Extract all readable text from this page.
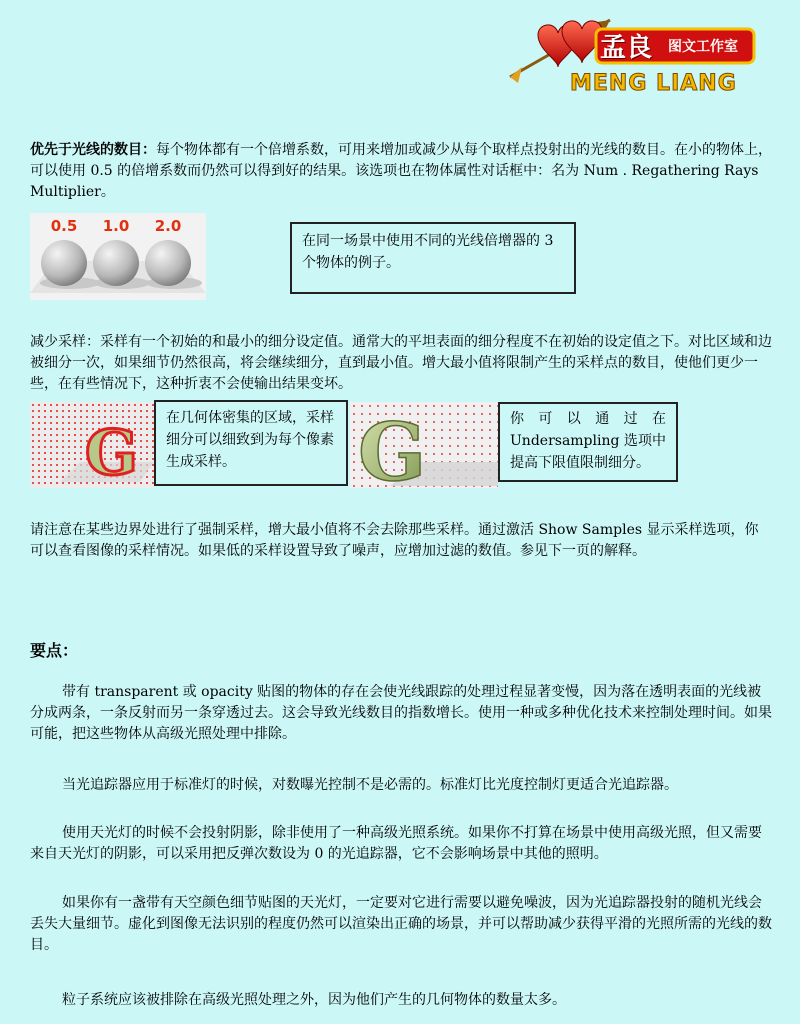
孟良 图文工作室
MENG LIANG

优先于光线的数目：每个物体都有一个倍增系数，可用来增加或减少从每个取样点投射出的光线的数目。在小的物体上，可以使用 0.5 的倍增系数而仍然可以得到好的结果。该选项也在物体属性对话框中：名为 Num . Regathering Rays Multiplier。

0.5	1.0	2.0
在同一场景中使用不同的光线倍增器的 3 个物体的例子。

减少采样：采样有一个初始的和最小的细分设定值。通常大的平坦表面的细分程度不在初始的设定值之下。对比区域和边被细分一次，如果细节仍然很高，将会继续细分，直到最小值。增大最小值将限制产生的采样点的数目，使他们更少一些，在有些情况下，这种折衷不会使输出结果变坏。

G	在几何体密集的区域，采样细分可以细致到为每个像素生成采样。	G	你可以通过在 Undersampling 选项中提高下限值限制细分。

请注意在某些边界处进行了强制采样，增大最小值将不会去除那些采样。通过激活 Show Samples 显示采样选项，你可以查看图像的采样情况。如果低的采样设置导致了噪声，应增加过滤的数值。参见下一页的解释。

要点：

带有 transparent 或 opacity 贴图的物体的存在会使光线跟踪的处理过程显著变慢，因为落在透明表面的光线被分成两条，一条反射而另一条穿透过去。这会导致光线数目的指数增长。使用一种或多种优化技术来控制处理时间。如果可能，把这些物体从高级光照处理中排除。

当光追踪器应用于标准灯的时候，对数曝光控制不是必需的。标准灯比光度控制灯更适合光追踪器。

使用天光灯的时候不会投射阴影，除非使用了一种高级光照系统。如果你不打算在场景中使用高级光照，但又需要来自天光灯的阴影，可以采用把反弹次数设为 0 的光追踪器，它不会影响场景中其他的照明。

如果你有一盏带有天空颜色细节贴图的天光灯，一定要对它进行需要以避免噪波，因为光追踪器投射的随机光线会丢失大量细节。虚化到图像无法识别的程度仍然可以渲染出正确的场景，并可以帮助减少获得平滑的光照所需的光线的数目。

粒子系统应该被排除在高级光照处理之外，因为他们产生的几何物体的数量太多。
